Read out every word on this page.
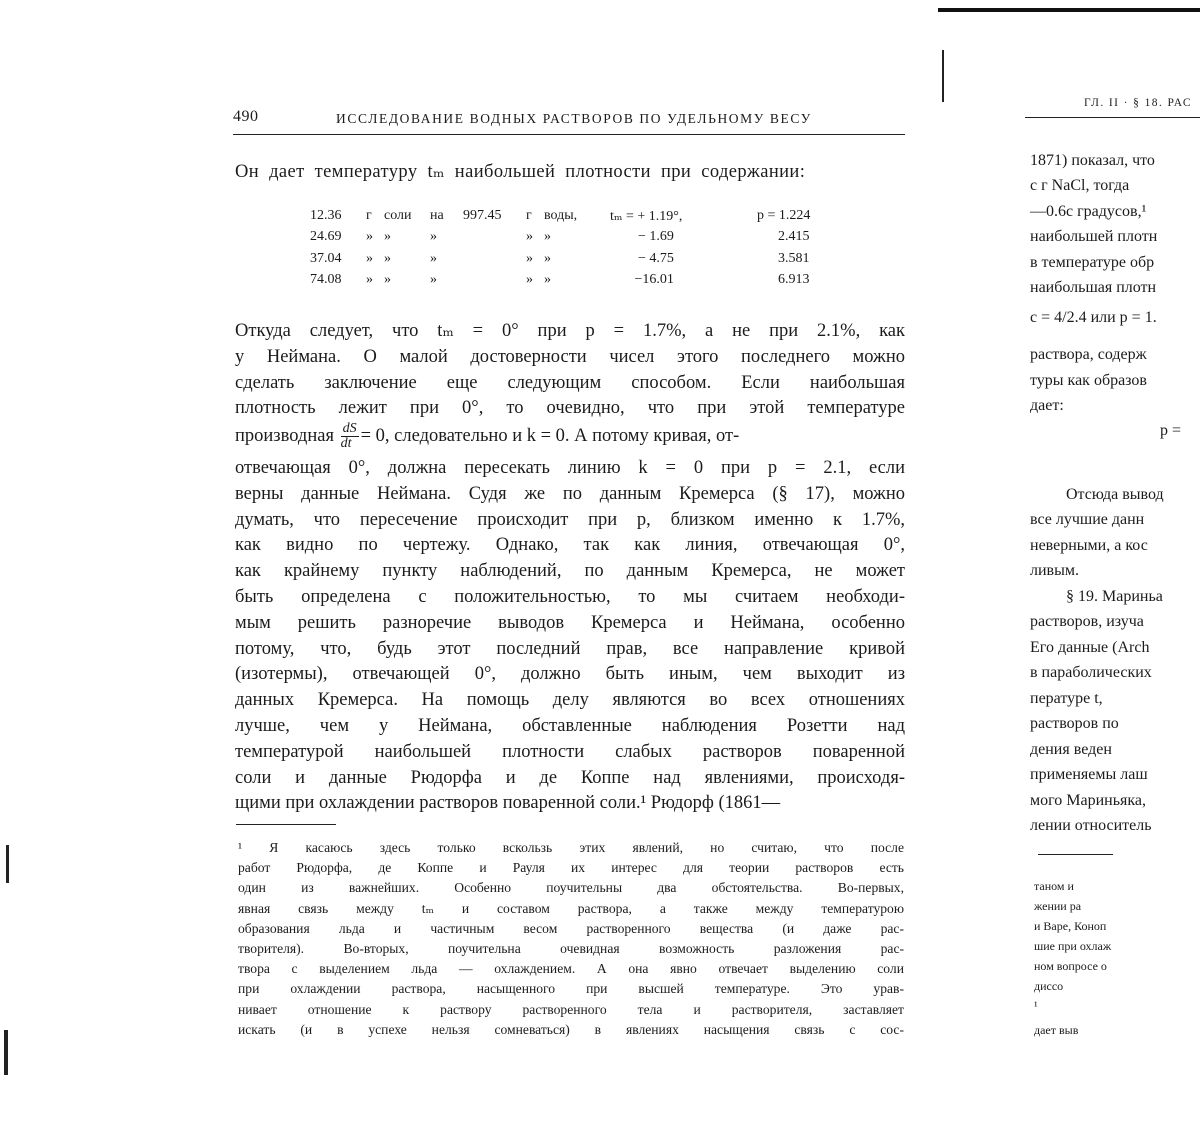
490	ИССЛЕДОВАНИЕ ВОДНЫХ РАСТВОРОВ ПО УДЕЛЬНОМУ ВЕСУ
Он дает температуру tₘ наибольшей плотности при содержании:
12.36 г соли на 997.45 г воды, tₘ = + 1.19°,	p = 1.224
24.69 » »	»	» »	− 1.69	2.415
37.04 » »	»	» »	− 4.75	3.581
74.08 » »	»	» »	−16.01	6.913
Откуда следует, что tₘ = 0° при p = 1.7%, а не при 2.1%, как
у Неймана. О малой достоверности чисел этого последнего можно
сделать заключение еще следующим способом. Если наибольшая
плотность лежит при 0°, то очевидно, что при этой температуре
производная $\frac{dS}{dt} = 0$, следовательно и k = 0. А потому кривая, от-
отвечающая 0°, должна пересекать линию k = 0 при p = 2.1, если
верны данные Неймана. Судя же по данным Кремерса (§ 17), можно
думать, что пересечение происходит при p, близком именно к 1.7%,
как видно по чертежу. Однако, так как линия, отвечающая 0°,
как крайнему пункту наблюдений, по данным Кремерса, не может
быть определена с положительностью, то мы считаем необходи-
мым решить разноречие выводов Кремерса и Неймана, особенно
потому, что, будь этот последний прав, все направление кривой
(изотермы), отвечающей 0°, должно быть иным, чем выходит из
данных Кремерса. На помощь делу являются во всех отношениях
лучше, чем у Неймана, обставленные наблюдения Розетти над
температурой наибольшей плотности слабых растворов поваренной
соли и данные Рюдорфа и де Коппе над явлениями, происходя-
щими при охлаждении растворов поваренной соли.¹ Рюдорф (1861—
¹ Я касаюсь здесь только вскользь этих явлений, но считаю, что после
работ Рюдорфа, де Коппе и Рауля их интерес для теории растворов есть
один из важнейших. Особенно поучительны два обстоятельства. Во-первых,
явная связь между tₘ и составом раствора, а также между температурою
образования льда и частичным весом растворенного вещества (и даже рас-
творителя). Во-вторых, поучительна очевидная возможность разложения рас-
твора с выделением льда — охлаждением. А она явно отвечает выделению соли
при охлаждении раствора, насыщенного при высшей температуре. Это урав-
нивает отношение к раствору растворенного тела и растворителя, заставляет
искать (и в успехе нельзя сомневаться) в явлениях насыщения связь с сос-
ГЛ. II · § 18. РАС
1871) показал, что
с г NaCl, тогда
—0.6c градусов,¹
наибольшей плотн
в температуре обр
наибольшая плотн
c = 4/2.4 или p = 1.
раствора, содерж
туры как образов
дает:
p =
Отсюда вывод
все лучшие данн
неверными, а кос
ливым.
§ 19. Мариньа
растворов, изуча
Его данные (Arch
в параболических
пературе t,
растворов по
дения веден
применяемы лаш
мого Мариньяка,
лении относитель
таном и
жении ра
и Варе, Коноп
шие при охлаж
ном вопросе о
диссо
¹
дает выв
